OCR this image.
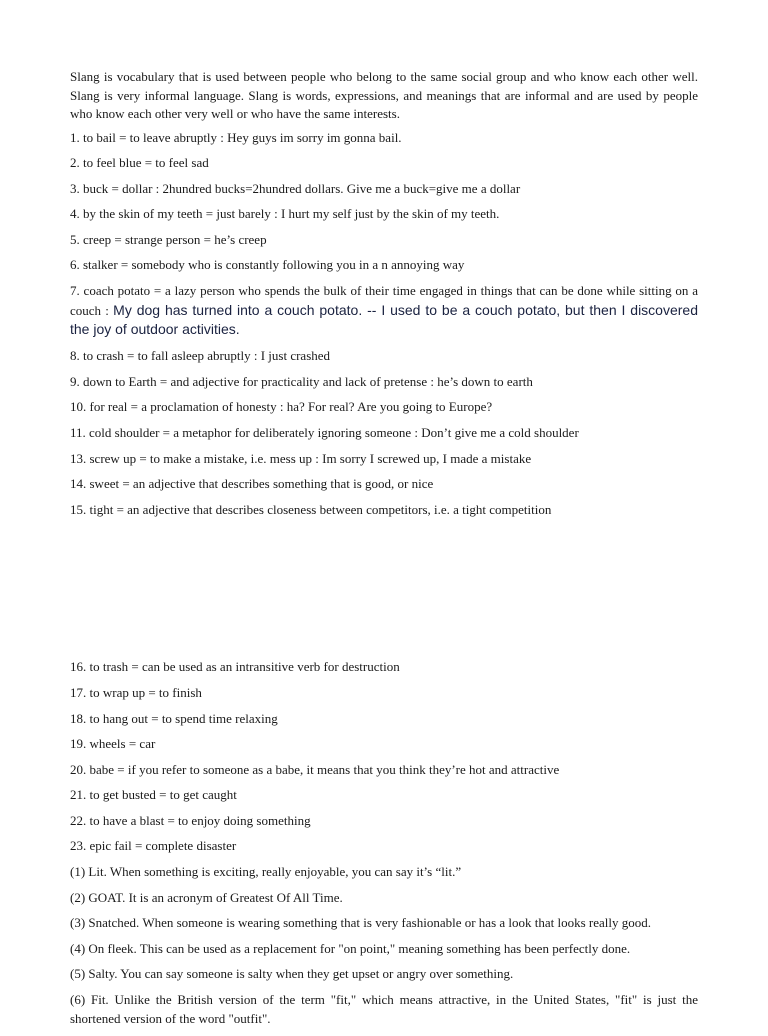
Slang is vocabulary that is used between people who belong to the same social group and who know each other well. Slang is very informal language. Slang is words, expressions, and meanings that are informal and are used by people who know each other very well or who have the same interests.

1. to bail = to leave abruptly : Hey guys im sorry im gonna bail.

2. to feel blue = to feel sad

3. buck = dollar : 2hundred bucks=2hundred dollars. Give me a buck=give me a dollar

4. by the skin of my teeth = just barely : I hurt my self just by the skin of my teeth.

5. creep = strange person = he’s creep

6. stalker = somebody who is constantly following you in a n annoying way

7. coach potato = a lazy person who spends the bulk of their time engaged in things that can be done while sitting on a couch : My dog has turned into a couch potato. -- I used to be a couch potato, but then I discovered the joy of outdoor activities.

8. to crash = to fall asleep abruptly : I just crashed

9. down to Earth = and adjective for practicality and lack of pretense : he’s down to earth

10. for real = a proclamation of honesty : ha? For real? Are you going to Europe?

11. cold shoulder = a metaphor for deliberately ignoring someone : Don’t give me a cold shoulder

13. screw up = to make a mistake, i.e. mess up : Im sorry I screwed up, I made a mistake

14. sweet = an adjective that describes something that is good, or nice

15. tight = an adjective that describes closeness between competitors, i.e. a tight competition

16. to trash = can be used as an intransitive verb for destruction

17. to wrap up = to finish

18. to hang out = to spend time relaxing

19. wheels = car

20. babe = if you refer to someone as a babe, it means that you think they’re hot and attractive

21. to get busted = to get caught

22. to have a blast = to enjoy doing something

23. epic fail = complete disaster

(1) Lit. When something is exciting, really enjoyable, you can say it’s “lit.”

(2) GOAT. It is an acronym of Greatest Of All Time.

(3) Snatched. When someone is wearing something that is very fashionable or has a look that looks really good.

(4) On fleek. This can be used as a replacement for "on point," meaning something has been perfectly done.

(5) Salty. You can say someone is salty when they get upset or angry over something.

(6) Fit. Unlike the British version of the term "fit," which means attractive, in the United States, "fit" is just the shortened version of the word "outfit".
